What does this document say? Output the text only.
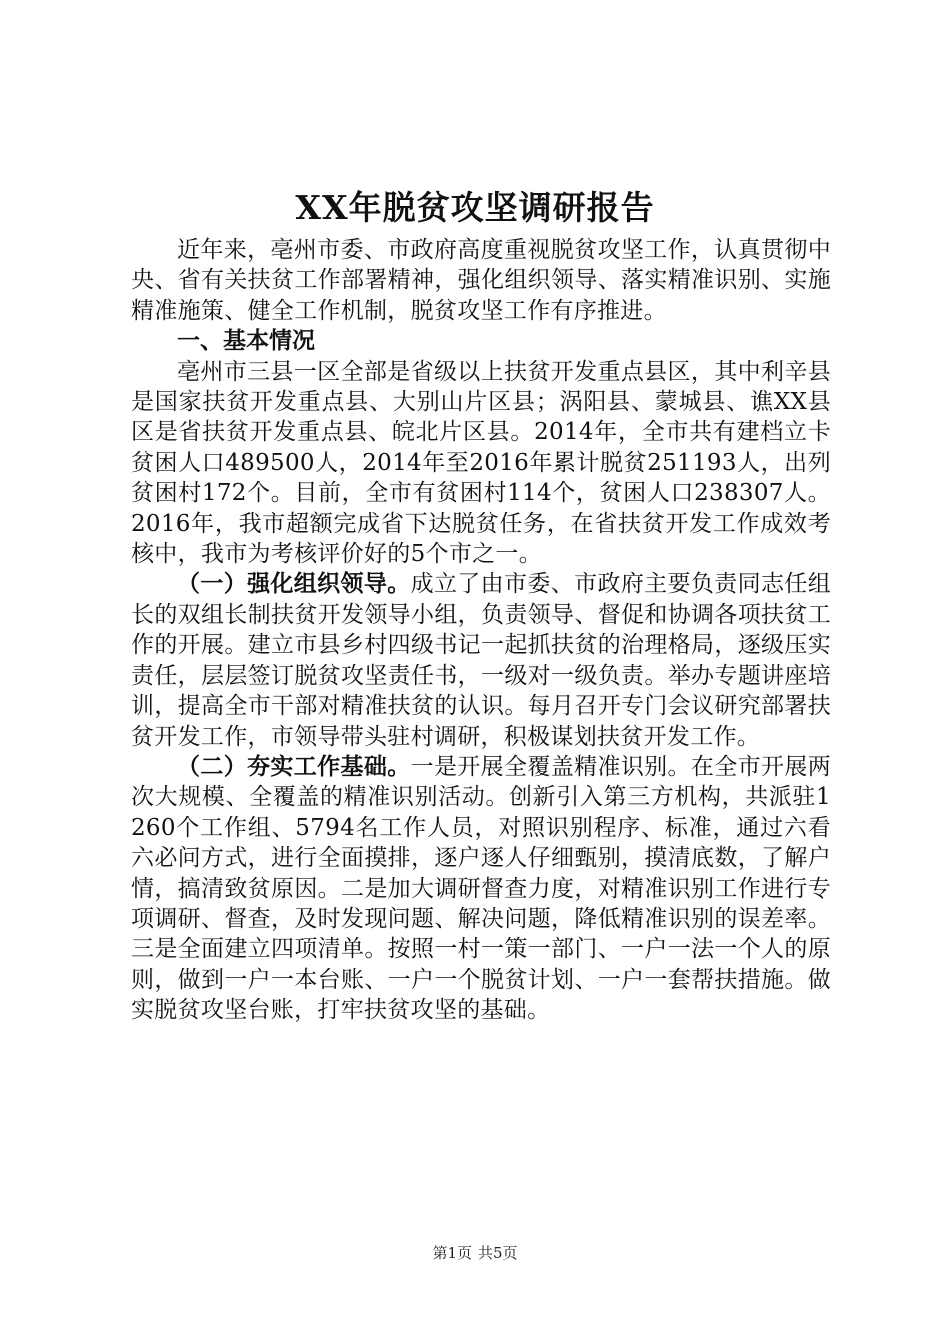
XX年脱贫攻坚调研报告

近年来，亳州市委、市政府高度重视脱贫攻坚工作，认真贯彻中央、省有关扶贫工作部署精神，强化组织领导、落实精准识别、实施精准施策、健全工作机制，脱贫攻坚工作有序推进。

一、基本情况

亳州市三县一区全部是省级以上扶贫开发重点县区，其中利辛县是国家扶贫开发重点县、大别山片区县；涡阳县、蒙城县、谯XX县区是省扶贫开发重点县、皖北片区县。2014年，全市共有建档立卡贫困人口489500人，2014年至2016年累计脱贫251193人，出列贫困村172个。目前，全市有贫困村114个，贫困人口238307人。2016年，我市超额完成省下达脱贫任务，在省扶贫开发工作成效考核中，我市为考核评价好的5个市之一。

（一）强化组织领导。成立了由市委、市政府主要负责同志任组长的双组长制扶贫开发领导小组，负责领导、督促和协调各项扶贫工作的开展。建立市县乡村四级书记一起抓扶贫的治理格局，逐级压实责任，层层签订脱贫攻坚责任书，一级对一级负责。举办专题讲座培训，提高全市干部对精准扶贫的认识。每月召开专门会议研究部署扶贫开发工作，市领导带头驻村调研，积极谋划扶贫开发工作。

（二）夯实工作基础。一是开展全覆盖精准识别。在全市开展两次大规模、全覆盖的精准识别活动。创新引入第三方机构，共派驻1260个工作组、5794名工作人员，对照识别程序、标准，通过六看六必问方式，进行全面摸排，逐户逐人仔细甄别，摸清底数，了解户情，搞清致贫原因。二是加大调研督查力度，对精准识别工作进行专项调研、督查，及时发现问题、解决问题，降低精准识别的误差率。三是全面建立四项清单。按照一村一策一部门、一户一法一个人的原则，做到一户一本台账、一户一个脱贫计划、一户一套帮扶措施。做实脱贫攻坚台账，打牢扶贫攻坚的基础。

第1页 共5页
